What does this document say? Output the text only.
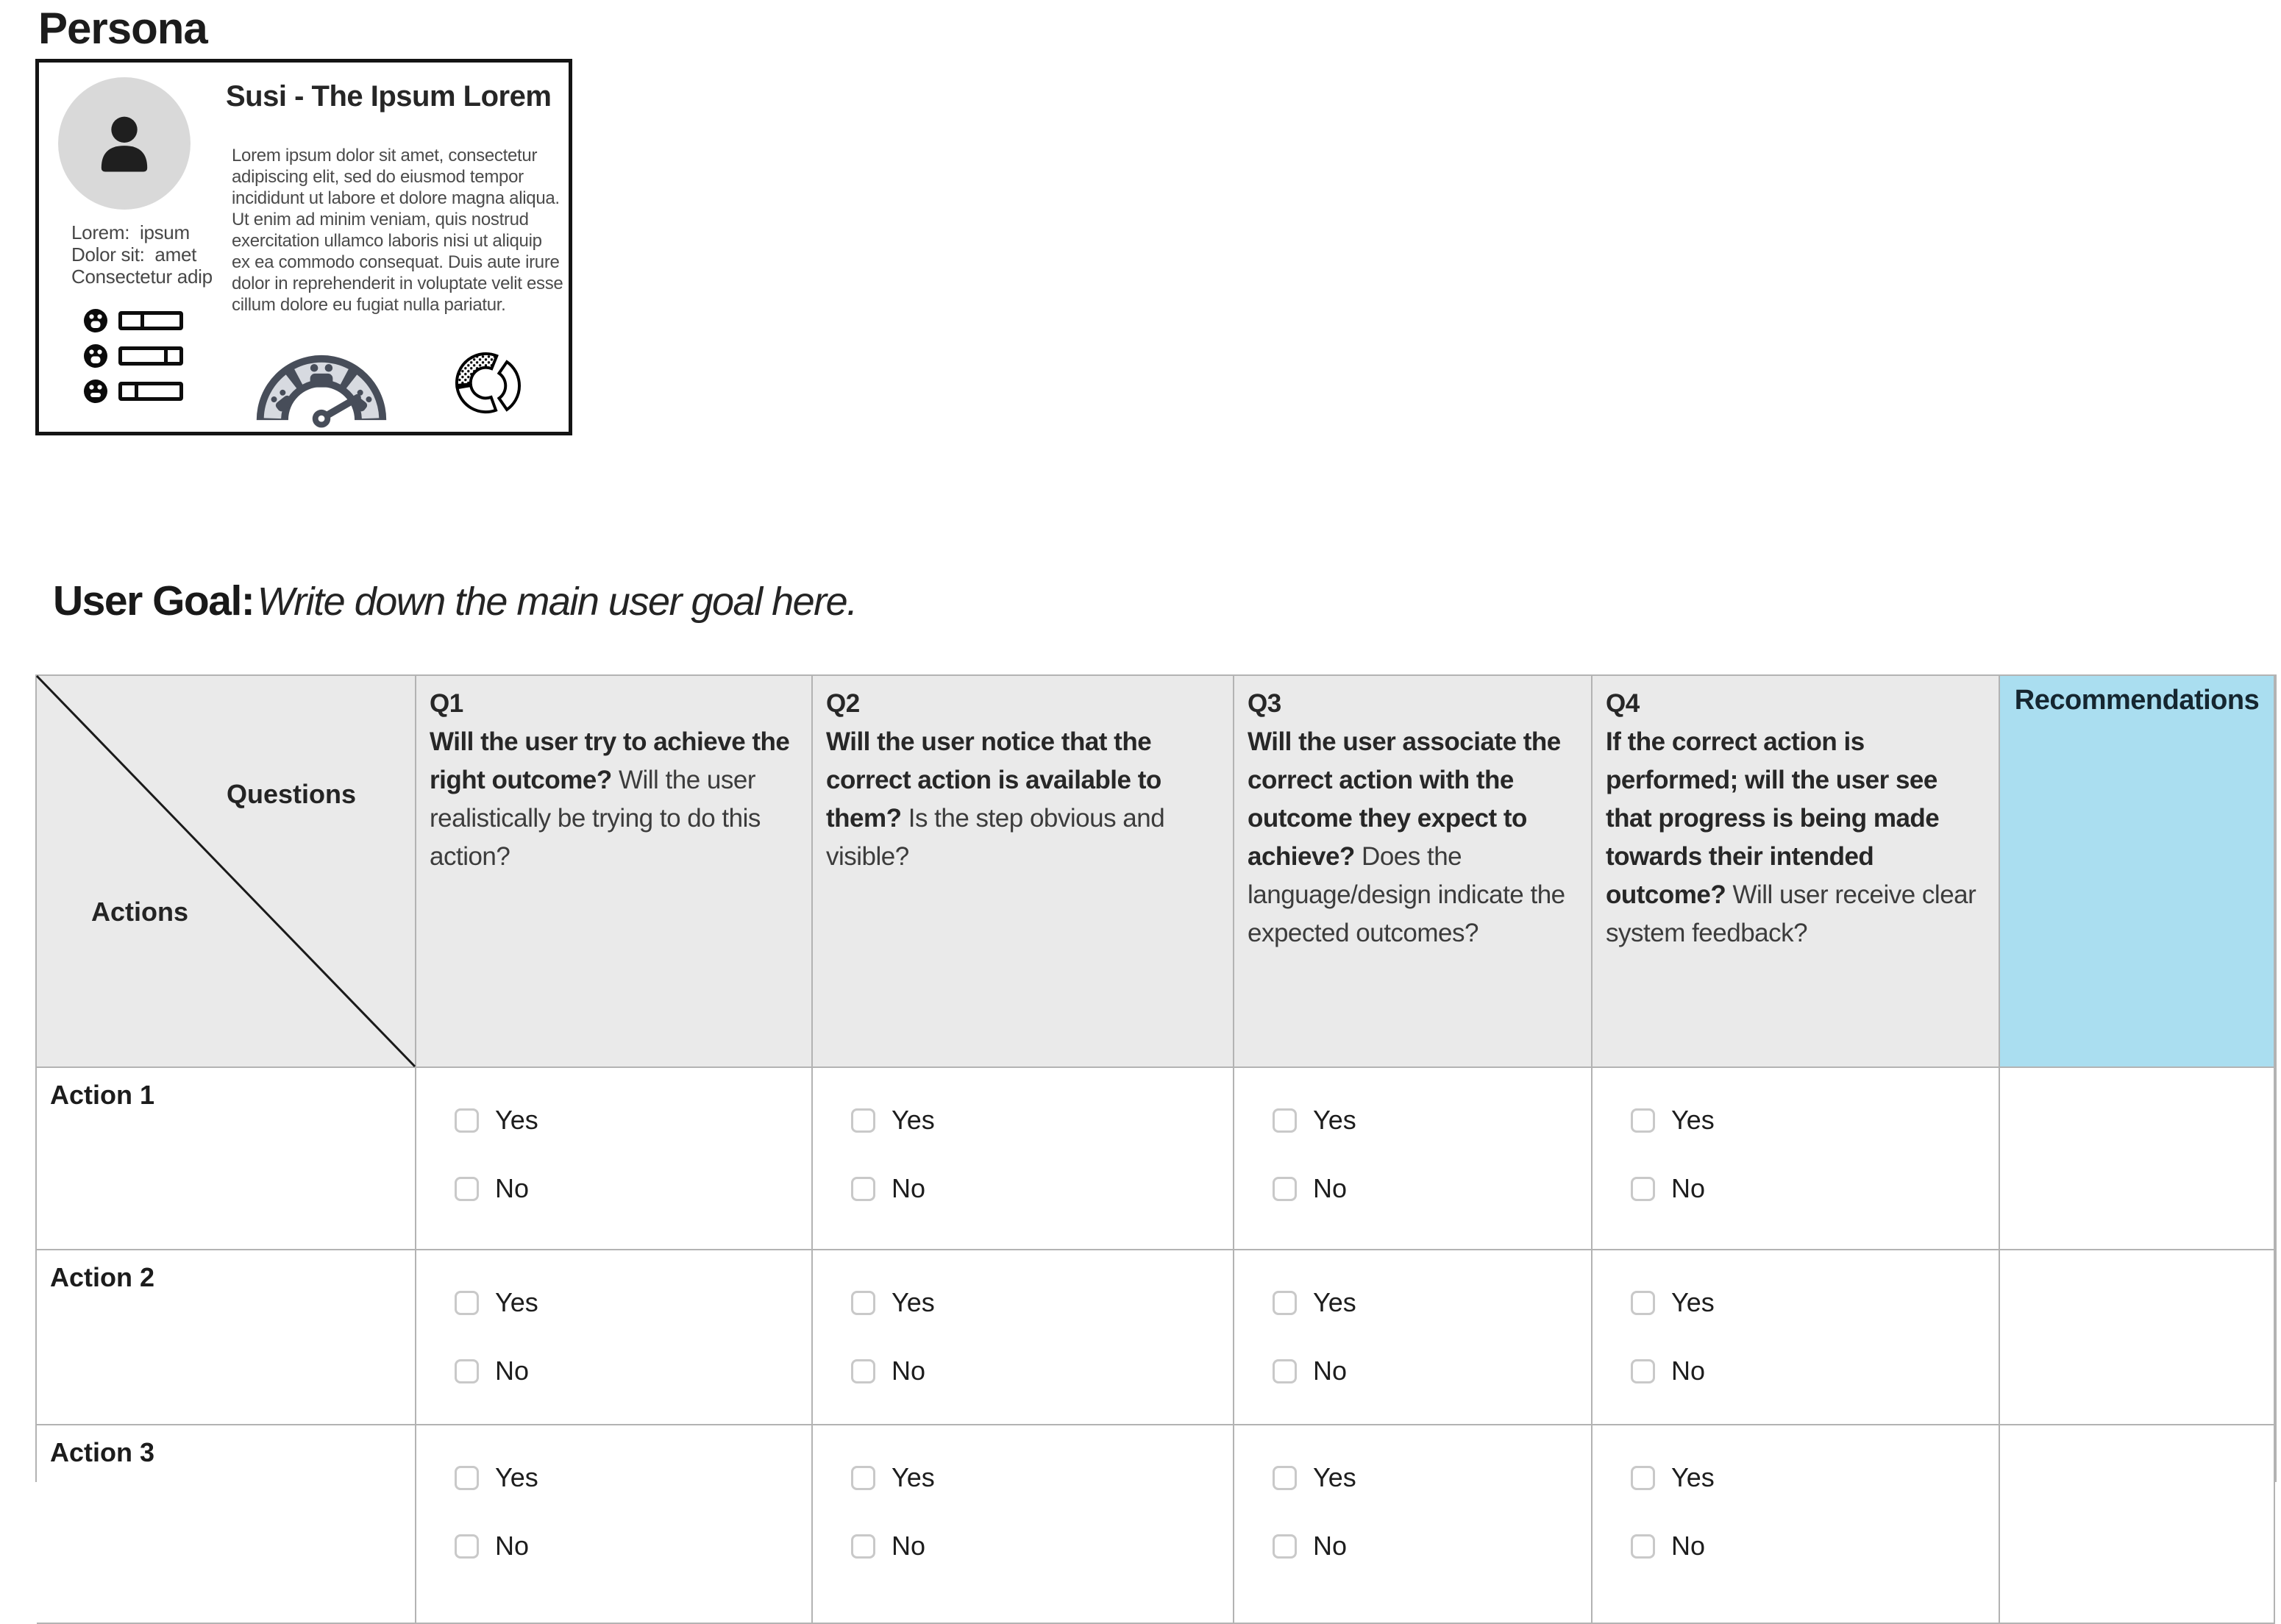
Persona
Susi - The Ipsum Lorem
Lorem ipsum dolor sit amet, consectetur adipiscing elit, sed do eiusmod tempor incididunt ut labore et dolore magna aliqua. Ut enim ad minim veniam, quis nostrud exercitation ullamco laboris nisi ut aliquip ex ea commodo consequat. Duis aute irure dolor in reprehenderit in voluptate velit esse cillum dolore eu fugiat nulla pariatur.
Lorem:  ipsum
Dolor sit:  amet
Consectetur adip
User Goal: Write down the main user goal here.
Questions
Actions
Q1
Will the user try to achieve the right outcome? Will the user realistically be trying to do this action?
Q2
Will the user notice that the correct action is available to them? Is the step obvious and visible?
Q3
Will the user associate the correct action with the outcome they expect to achieve? Does the language/design indicate the expected outcomes?
Q4
If the correct action is performed; will the user see that progress is being made towards their intended outcome? Will user receive clear system feedback?
Recommendations
Action 1
Yes
No
Yes
No
Yes
No
Yes
No
Action 2
Yes
No
Yes
No
Yes
No
Yes
No
Action 3
Yes
No
Yes
No
Yes
No
Yes
No
